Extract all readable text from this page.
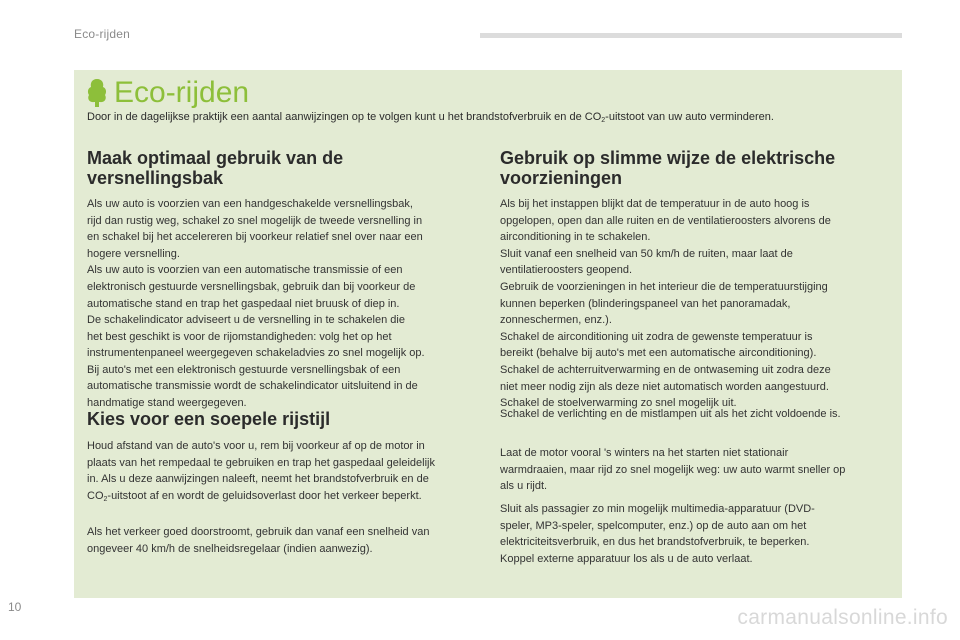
Eco-rijden
Eco-rijden

Door in de dagelijkse praktijk een aantal aanwijzingen op te volgen kunt u het brandstofverbruik en de $CO_2$-uitstoot van uw auto verminderen.

Maak optimaal gebruik van de
versnellingsbak

Als uw auto is voorzien van een handgeschakelde versnellingsbak,
rijd dan rustig weg, schakel zo snel mogelijk de tweede versnelling in
en schakel bij het accelereren bij voorkeur relatief snel over naar een
hogere versnelling.
Als uw auto is voorzien van een automatische transmissie of een
elektronisch gestuurde versnellingsbak, gebruik dan bij voorkeur de
automatische stand en trap het gaspedaal niet bruusk of diep in.

De schakelindicator adviseert u de versnelling in te schakelen die
het best geschikt is voor de rijomstandigheden: volg het op het
instrumentenpaneel weergegeven schakeladvies zo snel mogelijk op.
Bij auto's met een elektronisch gestuurde versnellingsbak of een
automatische transmissie wordt de schakelindicator uitsluitend in de
handmatige stand weergegeven.

Kies voor een soepele rijstijl

Houd afstand van de auto's voor u, rem bij voorkeur af op de motor in
plaats van het rempedaal te gebruiken en trap het gaspedaal geleidelijk
in. Als u deze aanwijzingen naleeft, neemt het brandstofverbruik en de
$CO_2$-uitstoot af en wordt de geluidsoverlast door het verkeer beperkt.

Als het verkeer goed doorstroomt, gebruik dan vanaf een snelheid van
ongeveer 40 km/h de snelheidsregelaar (indien aanwezig).

Gebruik op slimme wijze de elektrische
voorzieningen

Als bij het instappen blijkt dat de temperatuur in de auto hoog is
opgelopen, open dan alle ruiten en de ventilatieroosters alvorens de
airconditioning in te schakelen.
Sluit vanaf een snelheid van 50 km/h de ruiten, maar laat de
ventilatieroosters geopend.
Gebruik de voorzieningen in het interieur die de temperatuurstijging
kunnen beperken (blinderingspaneel van het panoramadak,
zonneschermen, enz.).
Schakel de airconditioning uit zodra de gewenste temperatuur is
bereikt (behalve bij auto's met een automatische airconditioning).
Schakel de achterruitverwarming en de ontwaseming uit zodra deze
niet meer nodig zijn als deze niet automatisch worden aangestuurd.
Schakel de stoelverwarming zo snel mogelijk uit.

Schakel de verlichting en de mistlampen uit als het zicht voldoende is.

Laat de motor vooral 's winters na het starten niet stationair
warmdraaien, maar rijd zo snel mogelijk weg: uw auto warmt sneller op
als u rijdt.

Sluit als passagier zo min mogelijk multimedia-apparatuur (DVD-
speler, MP3-speler, spelcomputer, enz.) op de auto aan om het
elektriciteitsverbruik, en dus het brandstofverbruik, te beperken.
Koppel externe apparatuur los als u de auto verlaat.

10	carmanualsonline.info
